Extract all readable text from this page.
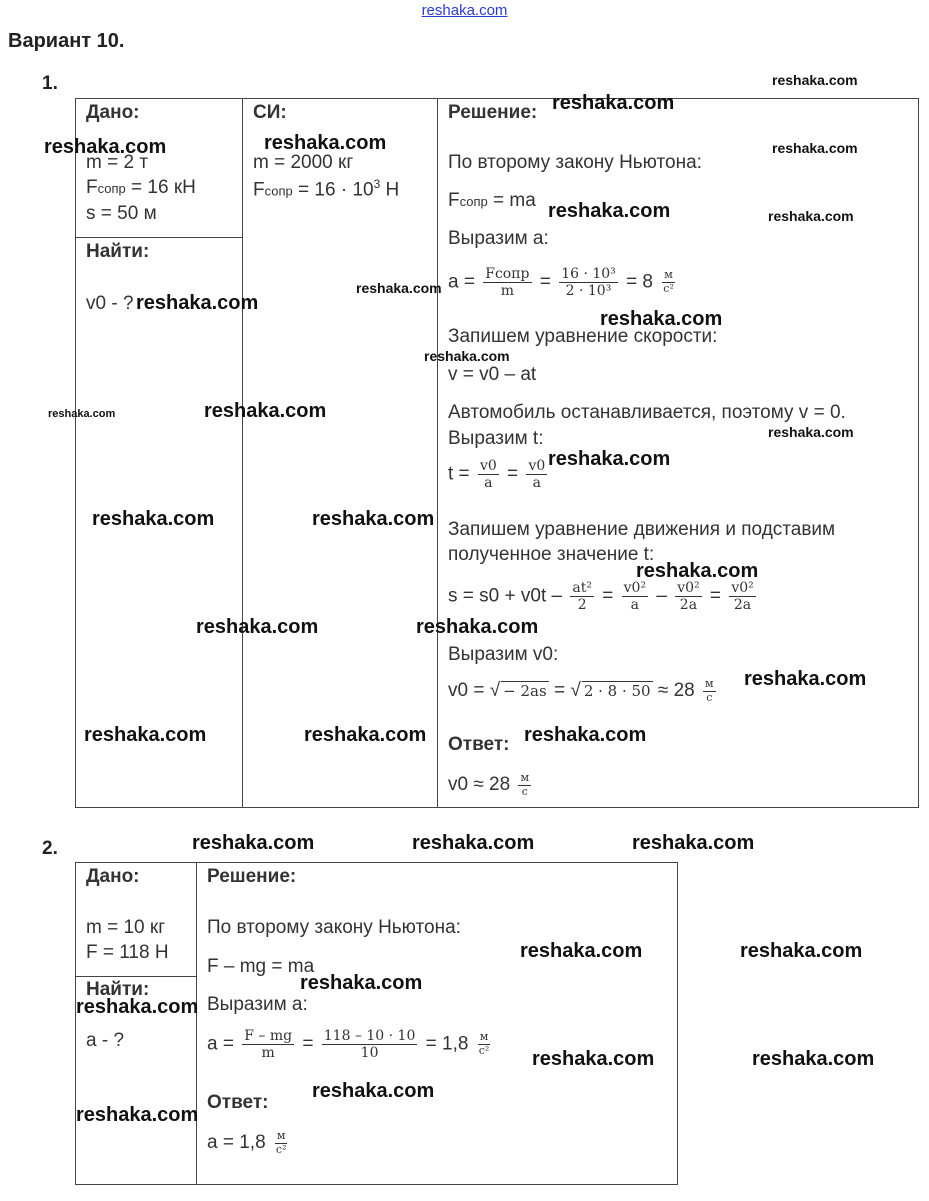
reshaka.com
Вариант 10.
1.
Дано:
m = 2 т
Fсопр = 16 кН
s = 50 м
Найти:
v0 - ?
СИ:
m = 2000 кг
Fсопр = $16 \cdot 10^3$ Н
Решение:
По второму закону Ньютона:
Fсопр = ma
Выразим a:
$a = \frac{\text{Fсопр}}{m} = \frac{\text{16 · 10³}}{\text{2 · 10³}} = 8 \frac{м}{\text{c²}}$
Запишем уравнение скорости:
v = v0 – at
Автомобиль останавливается, поэтому v = 0.
Выразим t:
$t = \frac{v0}{a} = \frac{v0}{a}$
Запишем уравнение движения и подставим
полученное значение t:
$s = s0 + v0t - \frac{\text{at²}}{2} = \frac{\text{v0²}}{a} - \frac{\text{v0²}}{2a} = \frac{\text{v0²}}{2a}$
Выразим v0:
v0 = √ − 2as = √ $2 \cdot 8 \cdot 50 \approx 28 \frac{м}{c}$
Ответ:
$v0 \approx 28 \frac{м}{c}$
2.
Дано:
m = 10 кг
F = 118 Н
Найти:
a - ?
Решение:
По второму закону Ньютона:
F – mg = ma
Выразим a:
$a = \frac{F - mg}{m} = \frac{118 - 10 \cdot 10}{10} = 1,8 \frac{м}{\text{c²}}$
Ответ:
$a = 1,8 \frac{м}{\text{c²}}$
reshaka.com
reshaka.com
reshaka.com	reshaka.com	reshaka.com
reshaka.com	reshaka.com
reshaka.com
reshaka.com
reshaka.com
reshaka.com
reshaka.com
reshaka.com
reshaka.com
reshaka.com
reshaka.com	reshaka.com
reshaka.com
reshaka.com	reshaka.com
reshaka.com
reshaka.com	reshaka.com	reshaka.com
reshaka.com	reshaka.com	reshaka.com
reshaka.com	reshaka.com
reshaka.com
reshaka.com
reshaka.com	reshaka.com
reshaka.com
reshaka.com
